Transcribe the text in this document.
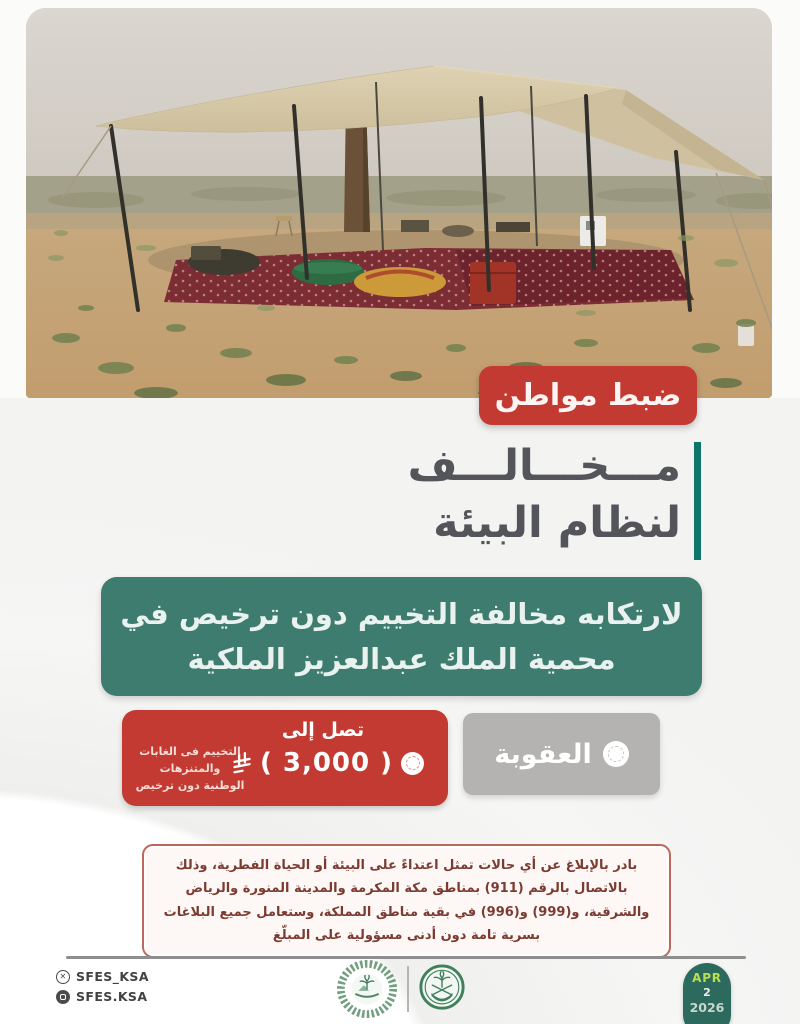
ضبط مواطن
مـــخـــالـــف
لنظام البيئة
لارتكابه مخالفة التخييم دون ترخيص في
محمية الملك عبدالعزيز الملكية
العقوبة
تصل إلى
( 3,000 )
التخييم فى الغابات والمتنزهات
الوطنية دون ترخيص
بادر بالإبلاغ عن أي حالات تمثل اعتداءً على البيئة أو الحياة الفطرية، وذلك بالاتصال بالرقم (911) بمناطق مكة المكرمة والمدينة المنورة والرياض والشرقية، و(999) و(996) في بقية مناطق المملكة، وستعامل جميع البلاغات بسرية تامة دون أدنى مسؤولية على المبلّغ
✕ SFES_KSA
SFES.KSA
APR
2
2026
